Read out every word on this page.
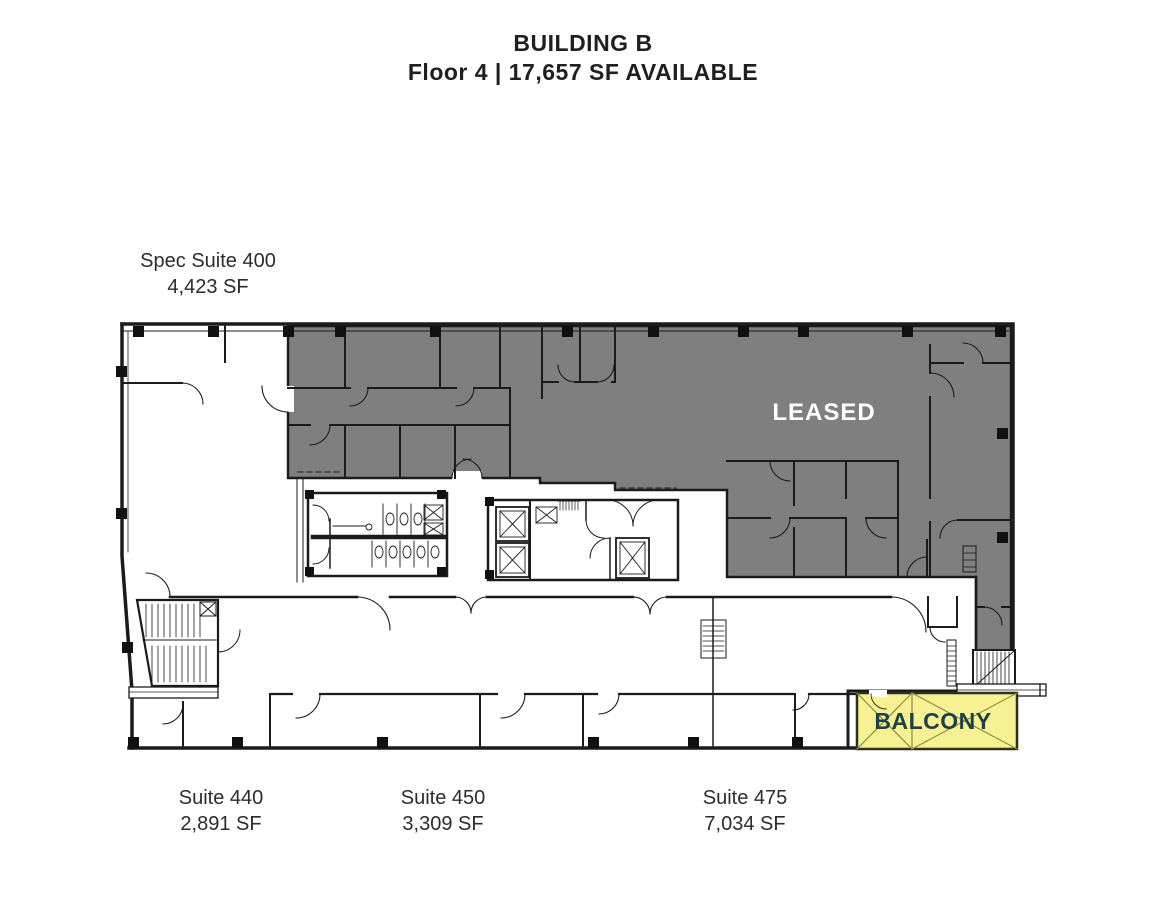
BUILDING B
Floor 4 | 17,657 SF AVAILABLE
Spec Suite 400
4,423 SF
Suite 440
2,891 SF
Suite 450
3,309 SF
Suite 475
7,034 SF
LEASED
BALCONY
